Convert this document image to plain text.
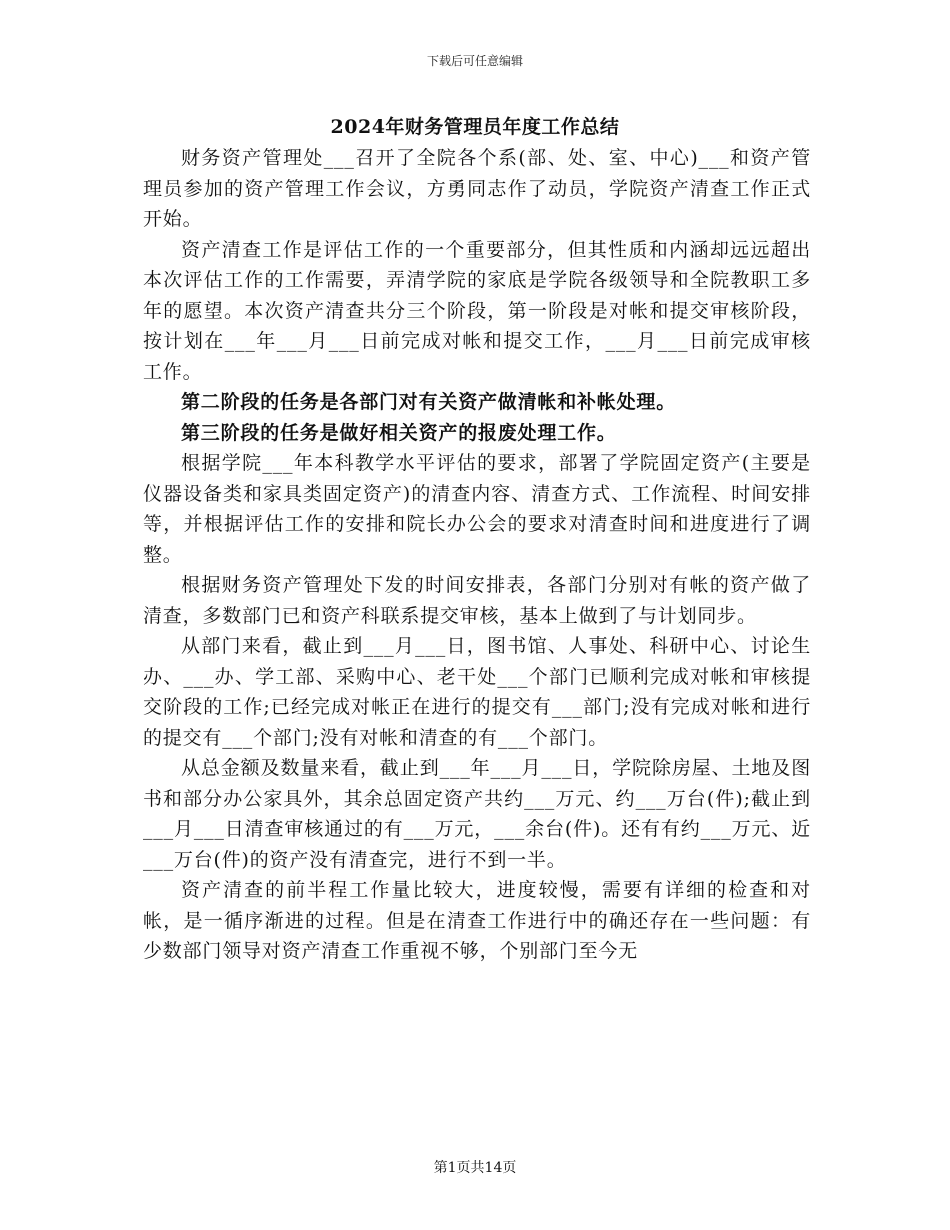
下载后可任意编辑
2024年财务管理员年度工作总结

财务资产管理处___召开了全院各个系(部、处、室、中心)___和资产管理员参加的资产管理工作会议，方勇同志作了动员，学院资产清查工作正式开始。

资产清查工作是评估工作的一个重要部分，但其性质和内涵却远远超出本次评估工作的工作需要，弄清学院的家底是学院各级领导和全院教职工多年的愿望。本次资产清查共分三个阶段，第一阶段是对帐和提交审核阶段，按计划在___年___月___日前完成对帐和提交工作，___月___日前完成审核工作。

第二阶段的任务是各部门对有关资产做清帐和补帐处理。

第三阶段的任务是做好相关资产的报废处理工作。

根据学院___年本科教学水平评估的要求，部署了学院固定资产(主要是仪器设备类和家具类固定资产)的清查内容、清查方式、工作流程、时间安排等，并根据评估工作的安排和院长办公会的要求对清查时间和进度进行了调整。

根据财务资产管理处下发的时间安排表，各部门分别对有帐的资产做了清查，多数部门已和资产科联系提交审核，基本上做到了与计划同步。

从部门来看，截止到___月___日，图书馆、人事处、科研中心、讨论生办、___办、学工部、采购中心、老干处___个部门已顺利完成对帐和审核提交阶段的工作;已经完成对帐正在进行的提交有___部门;没有完成对帐和进行的提交有___个部门;没有对帐和清查的有___个部门。

从总金额及数量来看，截止到___年___月___日，学院除房屋、土地及图书和部分办公家具外，其余总固定资产共约___万元、约___万台(件);截止到___月___日清查审核通过的有___万元，___余台(件)。还有有约___万元、近___万台(件)的资产没有清查完，进行不到一半。

资产清查的前半程工作量比较大，进度较慢，需要有详细的检查和对帐，是一循序渐进的过程。但是在清查工作进行中的确还存在一些问题：有少数部门领导对资产清查工作重视不够，个别部门至今无

第1页共14页
